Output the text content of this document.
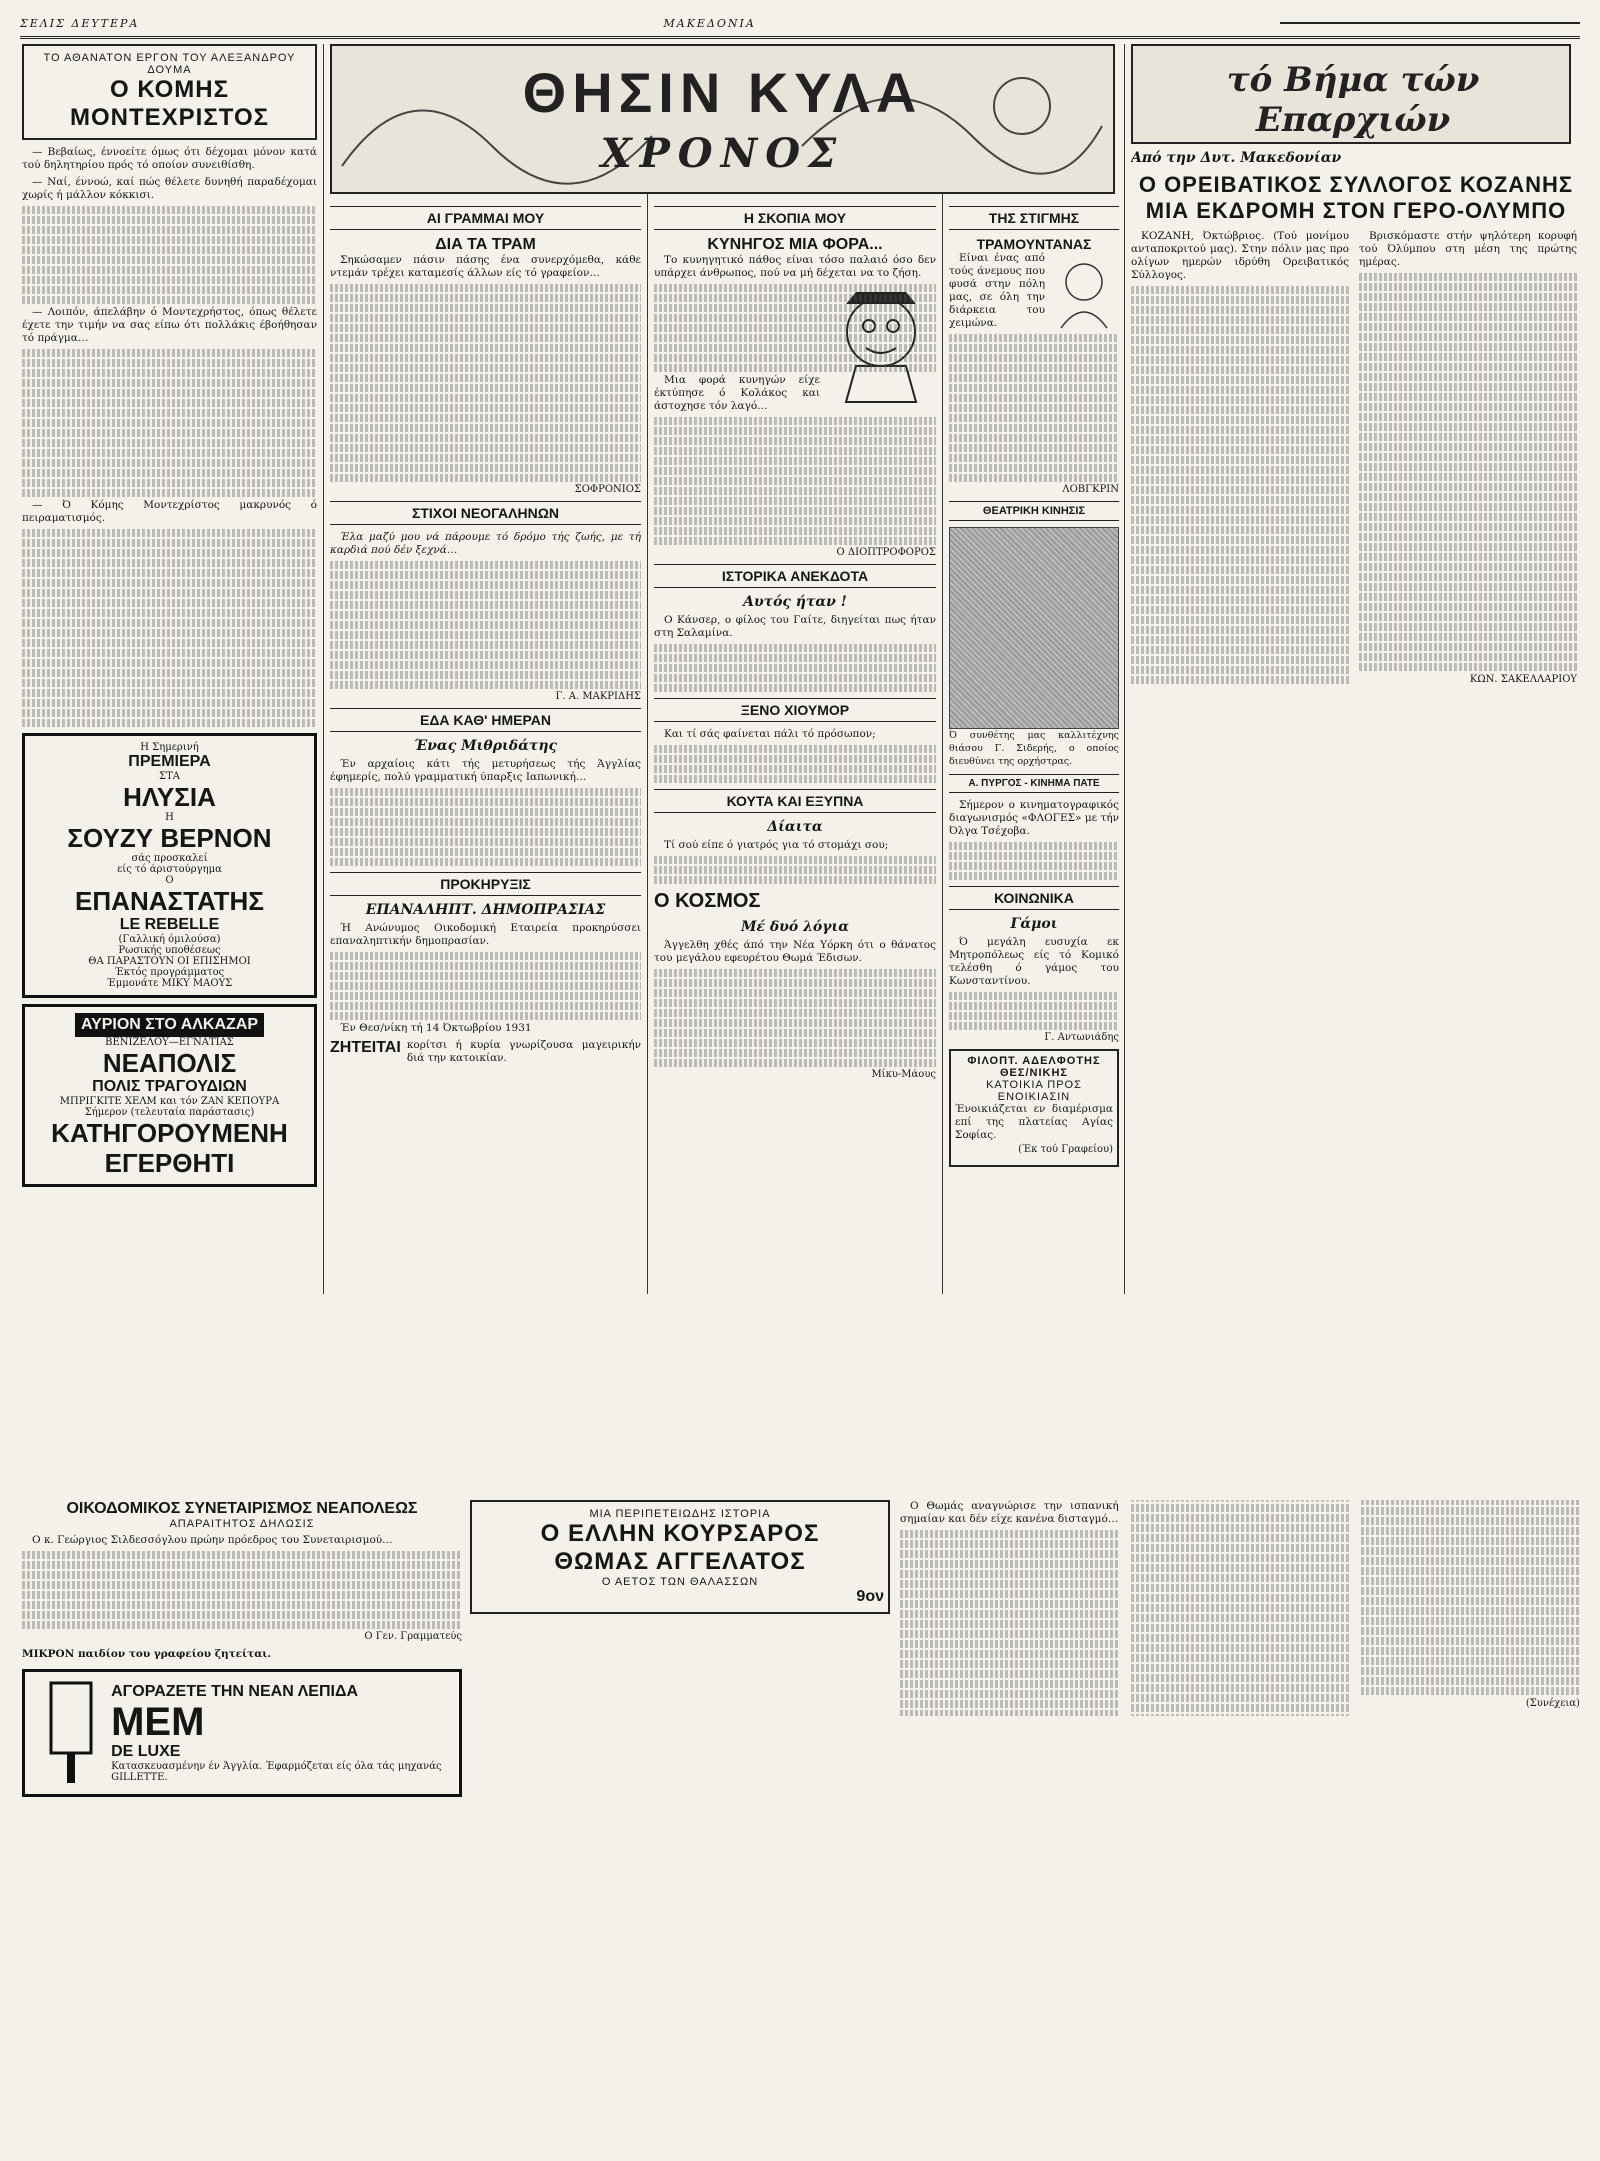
ΣΕΛΙΣ ΔΕΥΤΕΡΑ	ΜΑΚΕΔΟΝΙΑ
ΤΟ ΑΘΑΝΑΤΟΝ ΕΡΓΟΝ ΤΟΥ ΑΛΕΞΑΝΔΡΟΥ ΔΟΥΜΑ
Ο ΚΟΜΗΣ ΜΟΝΤΕΧΡΙΣΤΟΣ

— Βεβαίως, έννοείτε όμως ότι δέχομαι μόνον κατά τού δηλητηρίου πρός τό οποίον συνειθίσθη.

— Ναί, έννοώ, καί πώς θέλετε δυνηθή παραδέχομαι χωρίς ή μάλλον κόκκισι.

— Λοιπόν, άπελάβην ό Μοντεχρήστος, όπως θέλετε έχετε την τιμήν να σας είπω ότι πολλάκις έβοήθησαν τό πράγμα…

— Ό Κόμης Μοντεχρίστος μακρυνός ό πειραματισμός.

Η Σημερινή
ΠΡΕΜΙΕΡΑ
ΣΤΑ
ΗΛΥΣΙΑ
Η
ΣΟΥΖΥ ΒΕΡΝΟΝ
σάς προσκαλεί
είς τό άριστούργημα
Ο
ΕΠΑΝΑΣΤΑΤΗΣ
LE REBELLE
(Γαλλική όμιλούσα)
Ρωσικής υποθέσεως
ΘΑ ΠΑΡΑΣΤΟΥΝ ΟΙ ΕΠΙΣΗΜΟΙ
Έκτός προγράμματος
Έμμονάτε ΜΙΚΥ ΜΑΟΥΣ
ΑΥΡΙΟΝ ΣΤΟ ΑΛΚΑΖΑΡ
ΒΕΝΙΖΕΛΟΥ—ΕΓΝΑΤΙΑΣ
ΝΕΑΠΟΛΙΣ
ΠΟΛΙΣ ΤΡΑΓΟΥΔΙΩΝ
ΜΠΡΙΓΚΙΤΕ ΧΕΛΜ και τόν ΖΑΝ ΚΕΠΟΥΡΑ
Σήμερον (τελευταία παράστασις)
ΚΑΤΗΓΟΡΟΥΜΕΝΗ
ΕΓΕΡΘΗΤΙ
ΘΗΣΙΝ ΚΥΛΑ
ΧΡΟΝΟΣ
ΑΙ ΓΡΑΜΜΑΙ ΜΟΥ
ΔΙΑ ΤΑ ΤΡΑΜ

Σηκώσαμεν πάσιν πάσης ένα συνερχόμεθα, κάθε ντεμάν τρέχει καταμεσίς άλλων είς τό γραφείον…

ΣΟΦΡΟΝΙΟΣ
ΣΤΙΧΟΙ ΝΕΟΓΑΛΗΝΩΝ

Έλα μαζύ μου νά πάρουμε τό δρόμο τής ζωής, με τή καρδιά πού δέν ξεχνά…

Γ. Α. ΜΑΚΡΙΔΗΣ
ΕΔΑ ΚΑΘ' ΗΜΕΡΑΝ
Ένας Μιθριδάτης

Έν αρχαίοις κάτι τής μετυρήσεως τής Άγγλίας έφημερίς, πολύ γραμματική ύπαρξις Ιαπωνική…

ΠΡΟΚΗΡΥΞΙΣ
ΕΠΑΝΑΛΗΠΤ. ΔΗΜΟΠΡΑΣΙΑΣ

Ή Ανώνυμος Οικοδομική Εταιρεία προκηρύσσει επαναληπτικήν δημοπρασίαν.

Έν Θεσ/νίκη τή 14 Όκτωβρίου 1931

ΖΗΤΕΙΤΑΙ κορίτσι ή κυρία γνωρίζουσα μαγειρικήν διά την κατοικίαν.
Η ΣΚΟΠΙΑ ΜΟΥ
ΚΥΝΗΓΟΣ ΜΙΑ ΦΟΡΑ...

Το κυνηγητικό πάθος είναι τόσο παλαιό όσο δεν υπάρχει άνθρωπος, πού να μή δέχεται να το ζήση.

Μια φορά κυνηγών είχε έκτύπησε ό Κολάκος και άστοχησε τόν λαγό…

Ο ΔΙΟΠΤΡΟΦΟΡΟΣ
ΙΣΤΟΡΙΚΑ ΑΝΕΚΔΟΤΑ
Αυτός ήταν !

Ο Κάνσερ, ο φίλος του Γαίτε, διηγείται πως ήταν στη Σαλαμίνα.

ΞΕΝΟ ΧΙΟΥΜΟΡ

Και τί σάς φαίνεται πάλι τό πρόσωπον;

ΚΟΥΤΑ ΚΑΙ ΕΞΥΠΝΑ
Δίαιτα

Τί σού είπε ό γιατρός για τό στομάχι σου;

Ο ΚΟΣΜΟΣ
Μέ δυό λόγια

Άγγελθη χθές άπό την Νέα Υόρκη ότι ο θάνατος του μεγάλου εφευρέτου Θωμά Έδισων.

Μίκυ-Μάους
ΤΗΣ ΣΤΙΓΜΗΣ
ΤΡΑΜΟΥΝΤΑΝΑΣ

Είναι ένας από τούς άνεμους που φυσά στην πόλη μας, σε όλη την διάρκεια του χειμώνα.

ΛΟΒΓΚΡΙΝ
ΘΕΑΤΡΙΚΗ ΚΙΝΗΣΙΣ
Ό συνθέτης μας καλλιτέχνης θιάσου Γ. Σιδερής, ο οποίος διευθύνει της ορχήστρας.
Α. ΠΥΡΓΟΣ - ΚΙΝΗΜΑ ΠΑΤΕ

Σήμερον ο κινηματογραφικός διαγωνισμός «ΦΛΟΓΕΣ» με τήν Όλγα Τσέχοβα.

ΚΟΙΝΩΝΙΚΑ
Γάμοι

Ό μεγάλη ευσυχία εκ Μητροπόλεως είς τό Κομικό τελέσθη ό γάμος του Κωνσταντίνου.

Γ. Αντωνιάδης
ΦΙΛΟΠΤ. ΑΔΕΛΦΟΤΗΣ ΘΕΣ/ΝΙΚΗΣ
ΚΑΤΟΙΚΙΑ ΠΡΟΣ ΕΝΟΙΚΙΑΣΙΝ
Ένοικιάζεται εν διαμέρισμα επί της πλατείας Αγίας Σοφίας.
(Έκ τού Γραφείου)
τό Βήμα τών Επαρχιών
Από την Δυτ. Μακεδονίαν
Ο ΟΡΕΙΒΑΤΙΚΟΣ ΣΥΛΛΟΓΟΣ ΚΟΖΑΝΗΣ
ΜΙΑ ΕΚΔΡΟΜΗ ΣΤΟΝ ΓΕΡΟ-ΟΛΥΜΠΟ

ΚΟΖΑΝΗ, Όκτώβριος. (Τού μονίμου ανταποκριτού μας). Στην πόλιν μας προ ολίγων ημερών ιδρύθη Ορειβατικός Σύλλογος.

Βρισκόμαστε στήν ψηλότερη κορυφή τού Όλύμπου στη μέση της πρώτης ημέρας.

ΚΩΝ. ΣΑΚΕΛΛΑΡΙΟΥ
ΟΙΚΟΔΟΜΙΚΟΣ ΣΥΝΕΤΑΙΡΙΣΜΟΣ ΝΕΑΠΟΛΕΩΣ
ΑΠΑΡΑΙΤΗΤΟΣ ΔΗΛΩΣΙΣ

Ο κ. Γεώργιος Σιλδεσσόγλου πρώην πρόεδρος του Συνεταιρισμού…

Ο Γεν. Γραμματεύς
ΜΙΚΡΟΝ παιδίον του γραφείου ζητείται.
ΑΓΟΡΑΖΕΤΕ ΤΗΝ ΝΕΑΝ ΛΕΠΙΔΑ
MEM
DE LUXE
Κατασκευασμένην έν Άγγλία. Έφαρμόζεται είς όλα τάς μηχανάς GILLETTE.
ΜΙΑ ΠΕΡΙΠΕΤΕΙΩΔΗΣ ΙΣΤΟΡΙΑ
Ο ΕΛΛΗΝ ΚΟΥΡΣΑΡΟΣ
ΘΩΜΑΣ ΑΓΓΕΛΑΤΟΣ
Ο ΑΕΤΟΣ ΤΩΝ ΘΑΛΑΣΣΩΝ
9ον

Ο Θωμάς αναγνώρισε την ισπανική σημαίαν και δέν είχε κανένα δισταγμό…

(Συνέχεια)
